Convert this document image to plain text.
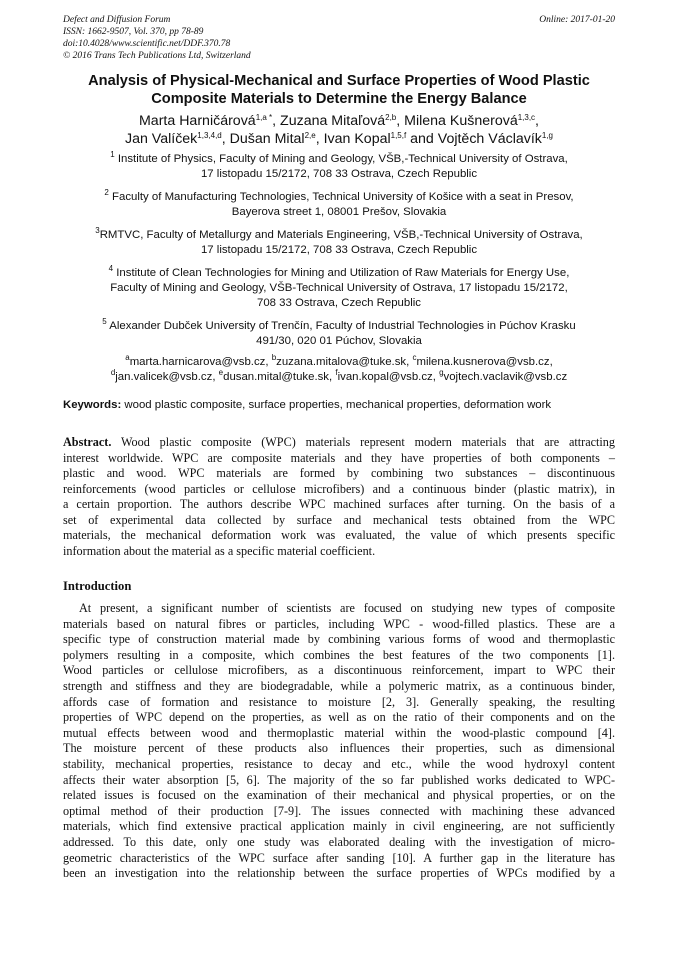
Defect and Diffusion Forum
ISSN: 1662-9507, Vol. 370, pp 78-89
doi:10.4028/www.scientific.net/DDF.370.78
© 2016 Trans Tech Publications Ltd, Switzerland
Online: 2017-01-20
Analysis of Physical-Mechanical and Surface Properties of Wood Plastic
Composite Materials to Determine the Energy Balance
Marta Harničárová$^{1,a *}$, Zuzana Mitaľová$^{2,b}$, Milena Kušnerová$^{1,3,c}$,
Jan Valíček$^{1,3,4,d}$, Dušan Mital$^{2,e}$, Ivan Kopal$^{1,5,f}$ and Vojtěch Václavík$^{1,g}$
$^1$ Institute of Physics, Faculty of Mining and Geology, VŠB,-Technical University of Ostrava,
17 listopadu 15/2172, 708 33 Ostrava, Czech Republic
$^2$ Faculty of Manufacturing Technologies, Technical University of Košice with a seat in Presov,
Bayerova street 1, 08001 Prešov, Slovakia
$^3$RMTVC, Faculty of Metallurgy and Materials Engineering, VŠB,-Technical University of Ostrava,
17 listopadu 15/2172, 708 33 Ostrava, Czech Republic
$^4$ Institute of Clean Technologies for Mining and Utilization of Raw Materials for Energy Use,
Faculty of Mining and Geology, VŠB-Technical University of Ostrava, 17 listopadu 15/2172,
708 33 Ostrava, Czech Republic
$^5$ Alexander Dubček University of Trenčín, Faculty of Industrial Technologies in Púchov Krasku
491/30, 020 01 Púchov, Slovakia
$^a$marta.harnicarova@vsb.cz, $^b$zuzana.mitalova@tuke.sk, $^c$milena.kusnerova@vsb.cz,
$^d$jan.valicek@vsb.cz, $^e$dusan.mital@tuke.sk, $^f$ivan.kopal@vsb.cz, $^g$vojtech.vaclavik@vsb.cz
Keywords: wood plastic composite, surface properties, mechanical properties, deformation work
Abstract. Wood plastic composite (WPC) materials represent modern materials that are attracting
interest worldwide. WPC are composite materials and they have properties of both components –
plastic and wood. WPC materials are formed by combining two substances – discontinuous
reinforcements (wood particles or cellulose microfibers) and a continuous binder (plastic matrix), in
a certain proportion. The authors describe WPC machined surfaces after turning. On the basis of a
set of experimental data collected by surface and mechanical tests obtained from the WPC
materials, the mechanical deformation work was evaluated, the value of which presents specific
information about the material as a specific material coefficient.
Introduction
At present, a significant number of scientists are focused on studying new types of composite
materials based on natural fibres or particles, including WPC - wood-filled plastics. These are a
specific type of construction material made by combining various forms of wood and thermoplastic
polymers resulting in a composite, which combines the best features of the two components [1].
Wood particles or cellulose microfibers, as a discontinuous reinforcement, impart to WPC their
strength and stiffness and they are biodegradable, while a polymeric matrix, as a continuous binder,
affords case of formation and resistance to moisture [2, 3]. Generally speaking, the resulting
properties of WPC depend on the properties, as well as on the ratio of their components and on the
mutual effects between wood and thermoplastic material within the wood-plastic compound [4].
The moisture percent of these products also influences their properties, such as dimensional
stability, mechanical properties, resistance to decay and etc., while the wood hydroxyl content
affects their water absorption [5, 6]. The majority of the so far published works dedicated to WPC-
related issues is focused on the examination of their mechanical and physical properties, or on the
optimal method of their production [7-9]. The issues connected with machining these advanced
materials, which find extensive practical application mainly in civil engineering, are not sufficiently
addressed. To this date, only one study was elaborated dealing with the investigation of micro-
geometric characteristics of the WPC surface after sanding [10]. A further gap in the literature has
been an investigation into the relationship between the surface properties of WPCs modified by a
